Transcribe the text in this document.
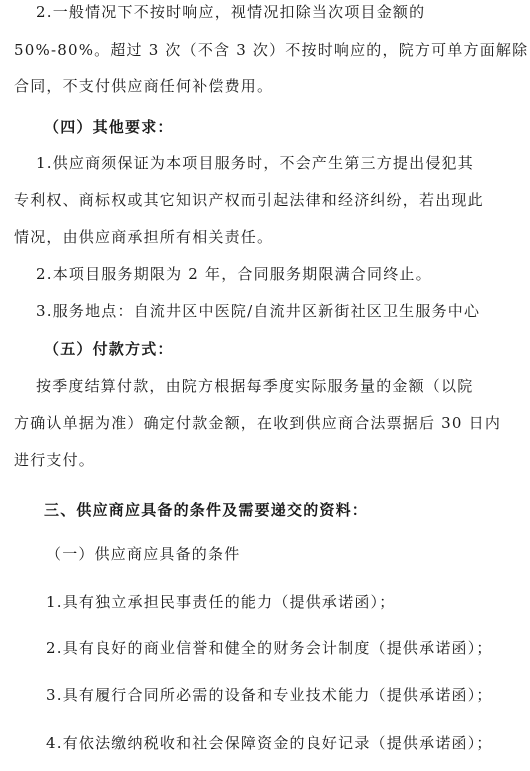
2.一般情况下不按时响应，视情况扣除当次项目金额的
50%-80%。超过 3 次（不含 3 次）不按时响应的，院方可单方面解除
合同，不支付供应商任何补偿费用。
（四）其他要求：
1.供应商须保证为本项目服务时，不会产生第三方提出侵犯其
专利权、商标权或其它知识产权而引起法律和经济纠纷，若出现此
情况，由供应商承担所有相关责任。
2.本项目服务期限为 2 年，合同服务期限满合同终止。
3.服务地点：自流井区中医院/自流井区新街社区卫生服务中心
（五）付款方式：
按季度结算付款，由院方根据每季度实际服务量的金额（以院
方确认单据为准）确定付款金额，在收到供应商合法票据后 30 日内
进行支付。
三、供应商应具备的条件及需要递交的资料：
（一）供应商应具备的条件
1.具有独立承担民事责任的能力（提供承诺函）；
2.具有良好的商业信誉和健全的财务会计制度（提供承诺函）；
3.具有履行合同所必需的设备和专业技术能力（提供承诺函）；
4.有依法缴纳税收和社会保障资金的良好记录（提供承诺函）；
